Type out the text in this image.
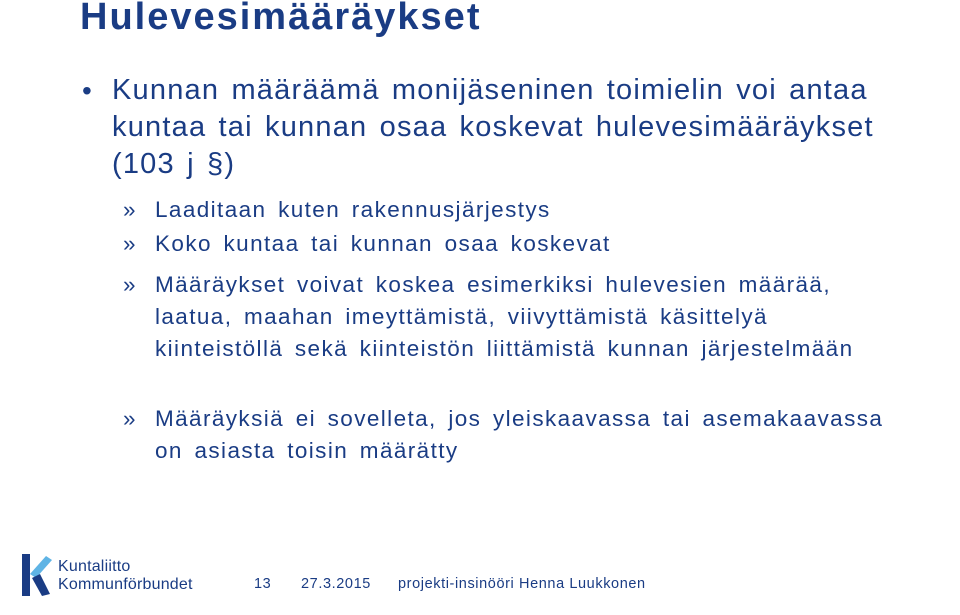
Hulevesimääräykset
• Kunnan määräämä monijäseninen toimielin voi antaa kuntaa tai kunnan osaa koskevat hulevesimääräykset (103 j §)
» Laaditaan kuten rakennusjärjestys
» Koko kuntaa tai kunnan osaa koskevat
» Määräykset voivat koskea esimerkiksi hulevesien määrää, laatua, maahan imeyttämistä, viivyttämistä käsittelyä kiinteistöllä sekä kiinteistön liittämistä kunnan järjestelmään
» Määräyksiä ei sovelleta, jos yleiskaavassa tai asemakaavassa on asiasta toisin määrätty
Kuntaliitto
Kommunförbundet	13 27.3.2015 projekti-insinööri Henna Luukkonen
